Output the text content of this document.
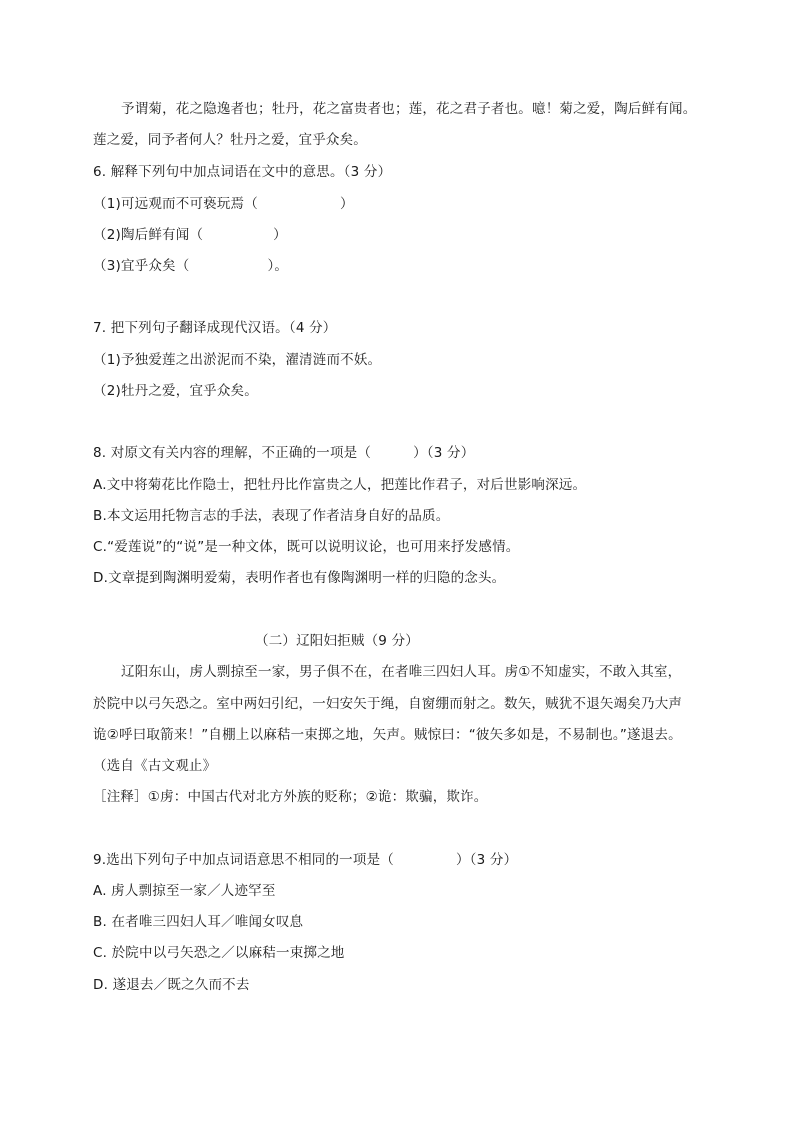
予谓菊，花之隐逸者也；牡丹，花之富贵者也；莲，花之君子者也。噫！菊之爱，陶后鲜有闻。
莲之爱，同予者何人？牡丹之爱，宜乎众矣。
6. 解释下列句中加点词语在文中的意思。（3 分）
（1)可远观而不可亵玩焉（	）
（2)陶后鲜有闻（	）
（3)宜乎众矣（	）。
7. 把下列句子翻译成现代汉语。（4 分）
（1)予独爱莲之出淤泥而不染，濯清涟而不妖。
（2)牡丹之爱，宜乎众矣。
8. 对原文有关内容的理解，不正确的一项是（	）（3 分）
A.文中将菊花比作隐士，把牡丹比作富贵之人，把莲比作君子，对后世影响深远。
B.本文运用托物言志的手法，表现了作者洁身自好的品质。
C.“爱莲说”的“说”是一种文体，既可以说明议论，也可用来抒发感情。
D.文章提到陶渊明爱菊，表明作者也有像陶渊明一样的归隐的念头。
（二）辽阳妇拒贼（9 分）
辽阳东山，虏人剽掠至一家，男子俱不在，在者唯三四妇人耳。虏①不知虚实，不敢入其室，
於院中以弓矢恐之。室中两妇引纪，一妇安矢于绳，自窗绷而射之。数矢，贼犹不退矢竭矣乃大声
诡②呼曰取箭来！”自棚上以麻秸一束掷之地，矢声。贼惊曰：“彼矢多如是，不易制也。”遂退去。
（选自《古文观止》
［注释］①虏：中国古代对北方外族的贬称；②诡：欺骗，欺诈。
9.选出下列句子中加点词语意思不相同的一项是（	）（3 分）
A. 虏人剽掠至一家／人迹罕至
B. 在者唯三四妇人耳／唯闻女叹息
C. 於院中以弓矢恐之／以麻秸一束掷之地
D. 遂退去／既之久而不去
